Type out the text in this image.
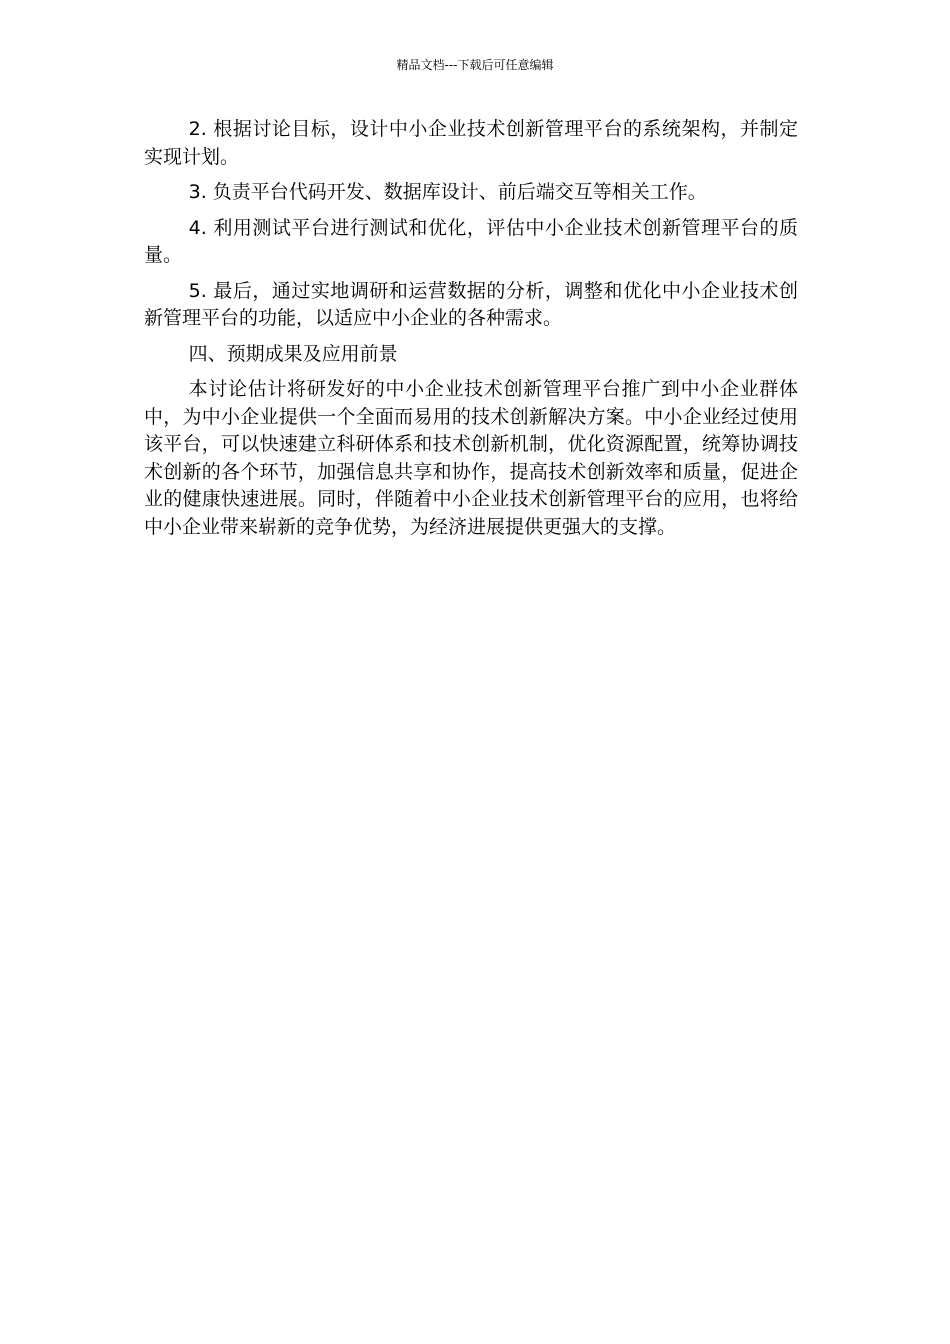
精品文档---下载后可任意编辑

2. 根据讨论目标，设计中小企业技术创新管理平台的系统架构，并制定实现计划。

3. 负责平台代码开发、数据库设计、前后端交互等相关工作。

4. 利用测试平台进行测试和优化，评估中小企业技术创新管理平台的质量。

5. 最后，通过实地调研和运营数据的分析，调整和优化中小企业技术创新管理平台的功能，以适应中小企业的各种需求。

四、预期成果及应用前景

本讨论估计将研发好的中小企业技术创新管理平台推广到中小企业群体中，为中小企业提供一个全面而易用的技术创新解决方案。中小企业经过使用该平台，可以快速建立科研体系和技术创新机制，优化资源配置，统筹协调技术创新的各个环节，加强信息共享和协作，提高技术创新效率和质量，促进企业的健康快速进展。同时，伴随着中小企业技术创新管理平台的应用，也将给中小企业带来崭新的竞争优势，为经济进展提供更强大的支撑。
